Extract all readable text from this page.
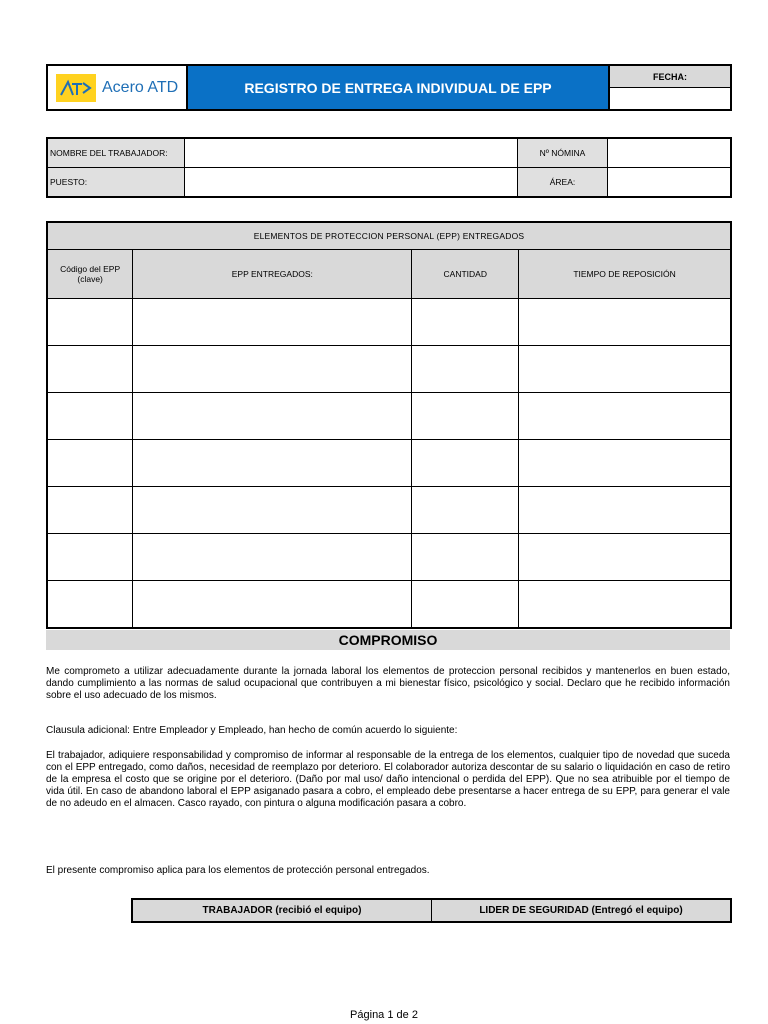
Acero ATD	REGISTRO DE ENTREGA INDIVIDUAL DE EPP
FECHA:
NOMBRE DEL TRABAJADOR:		Nº NÓMINA	
PUESTO:		ÁREA:	
ELEMENTOS DE PROTECCION PERSONAL (EPP) ENTREGADOS			
Código del EPP (clave)	EPP ENTREGADOS:	CANTIDAD	TIEMPO DE REPOSICIÓN

COMPROMISO
Me comprometo a utilizar adecuadamente durante la jornada laboral los elementos de proteccion personal recibidos y mantenerlos en buen estado, dando cumplimiento a las normas de salud ocupacional que contribuyen a mi bienestar físico, psicológico y social. Declaro que he recibido información sobre el uso adecuado de los mismos.
Clausula adicional: Entre Empleador y Empleado, han hecho de común acuerdo lo siguiente:
El trabajador, adiquiere responsabilidad y compromiso de informar al responsable de la entrega de los elementos, cualquier tipo de novedad que suceda con el EPP entregado, como daños, necesidad de reemplazo por deterioro. El colaborador autoriza descontar de su salario o liquidación en caso de retiro de la empresa el costo que se origine por el deterioro. (Daño por mal uso/ daño intencional o perdida del EPP). Que no sea atribuible por el tiempo de vida útil. En caso de abandono laboral el EPP asiganado pasara a cobro, el empleado debe presentarse a hacer entrega de su EPP, para generar el vale de no adeudo en el almacen. Casco rayado, con pintura o alguna modificación pasara a cobro.
El presente compromiso aplica para los elementos de protección personal entregados.
TRABAJADOR (recibió el equipo)	LIDER DE SEGURIDAD (Entregó el equipo)
Página 1 de 2
